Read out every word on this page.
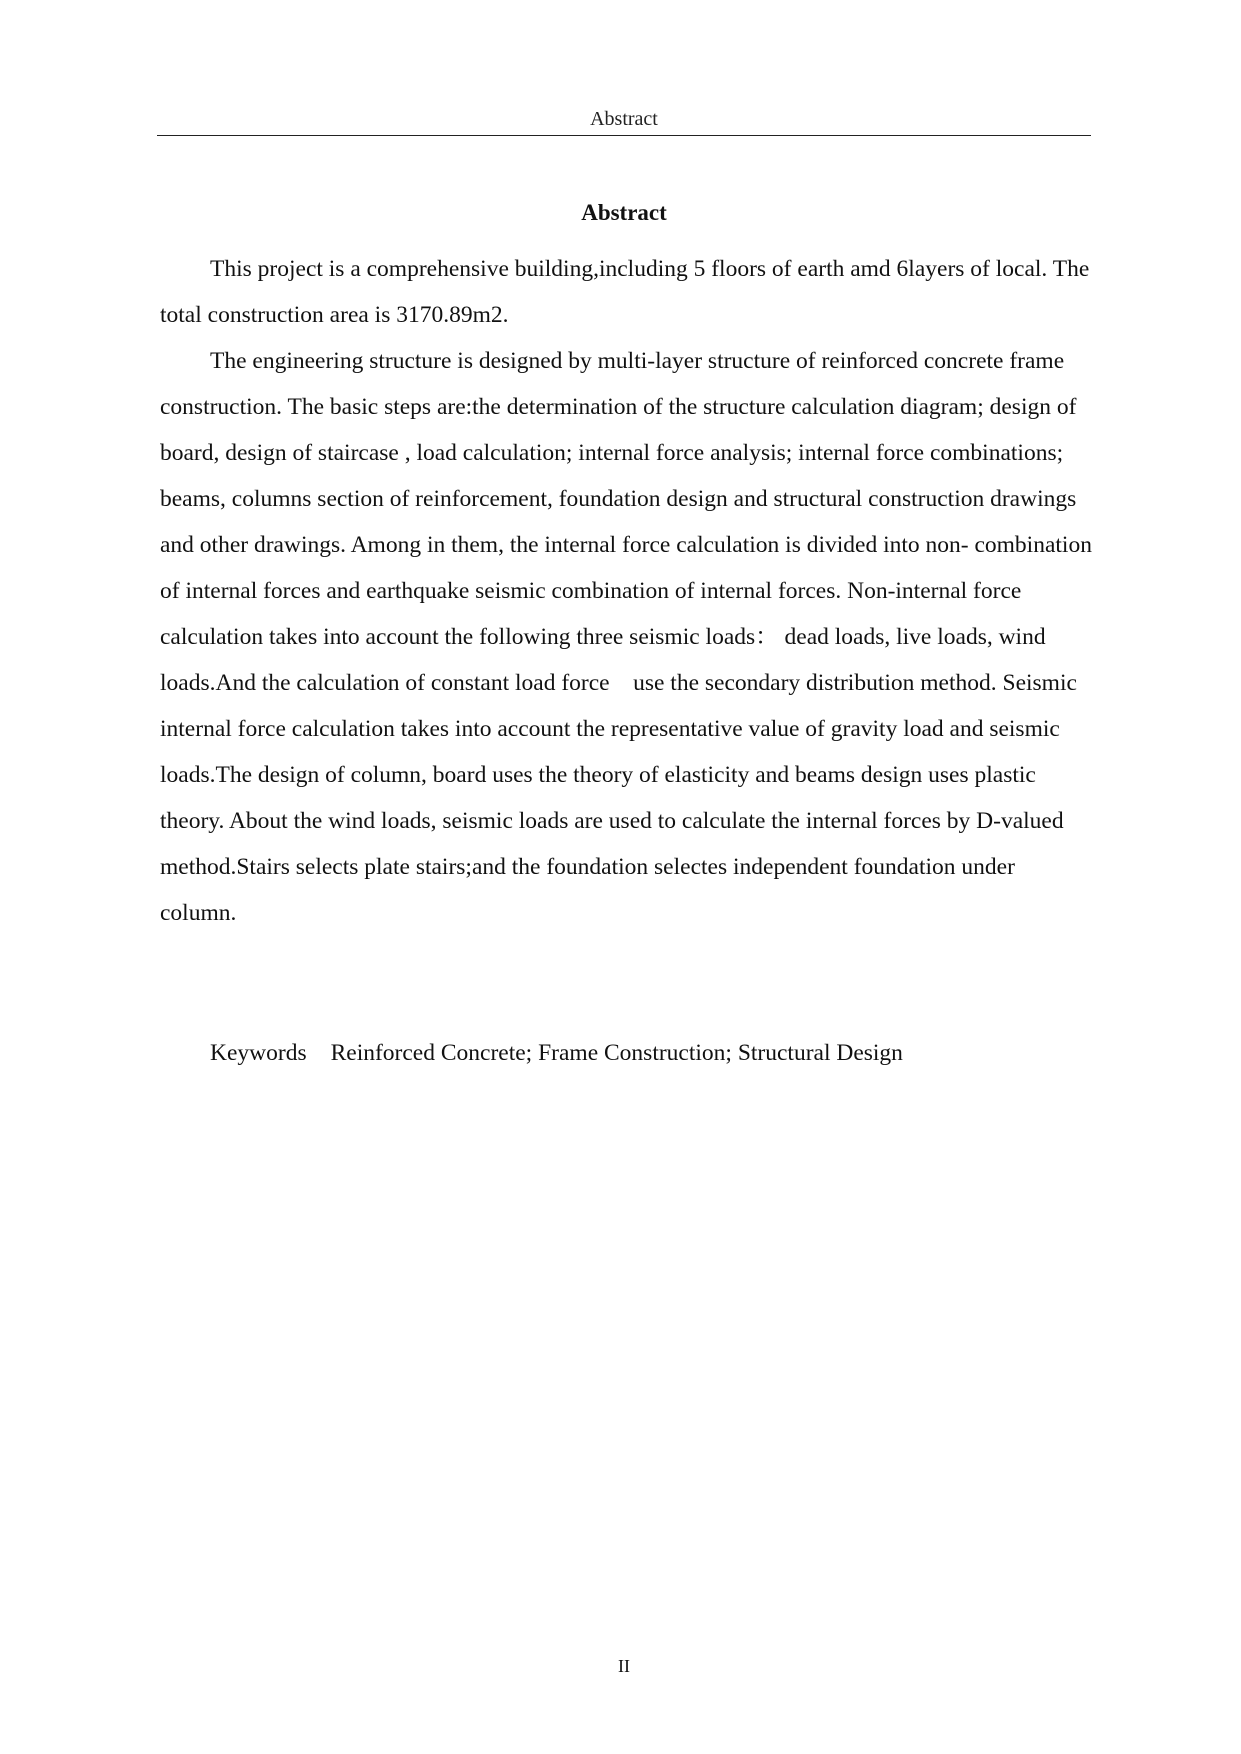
Abstract
Abstract

This project is a comprehensive building,including 5 floors of earth amd 6layers of local. The total construction area is 3170.89m2.

The engineering structure is designed by multi-layer structure of reinforced concrete frame construction. The basic steps are:the determination of the structure calculation diagram; design of board, design of staircase , load calculation; internal force analysis; internal force combinations; beams, columns section of reinforcement, foundation design and structural construction drawings and other drawings. Among in them, the internal force calculation is divided into non- combination of internal forces and earthquake seismic combination of internal forces. Non-internal force calculation takes into account the following three seismic loads： dead loads, live loads, wind loads.And the calculation of constant load force    use the secondary distribution method. Seismic internal force calculation takes into account the representative value of gravity load and seismic loads.The design of column, board uses the theory of elasticity and beams design uses plastic theory. About the wind loads, seismic loads are used to calculate the internal forces by D-valued method.Stairs selects plate stairs;and the foundation selectes independent foundation under column.

Keywords Reinforced Concrete; Frame Construction; Structural Design
II
